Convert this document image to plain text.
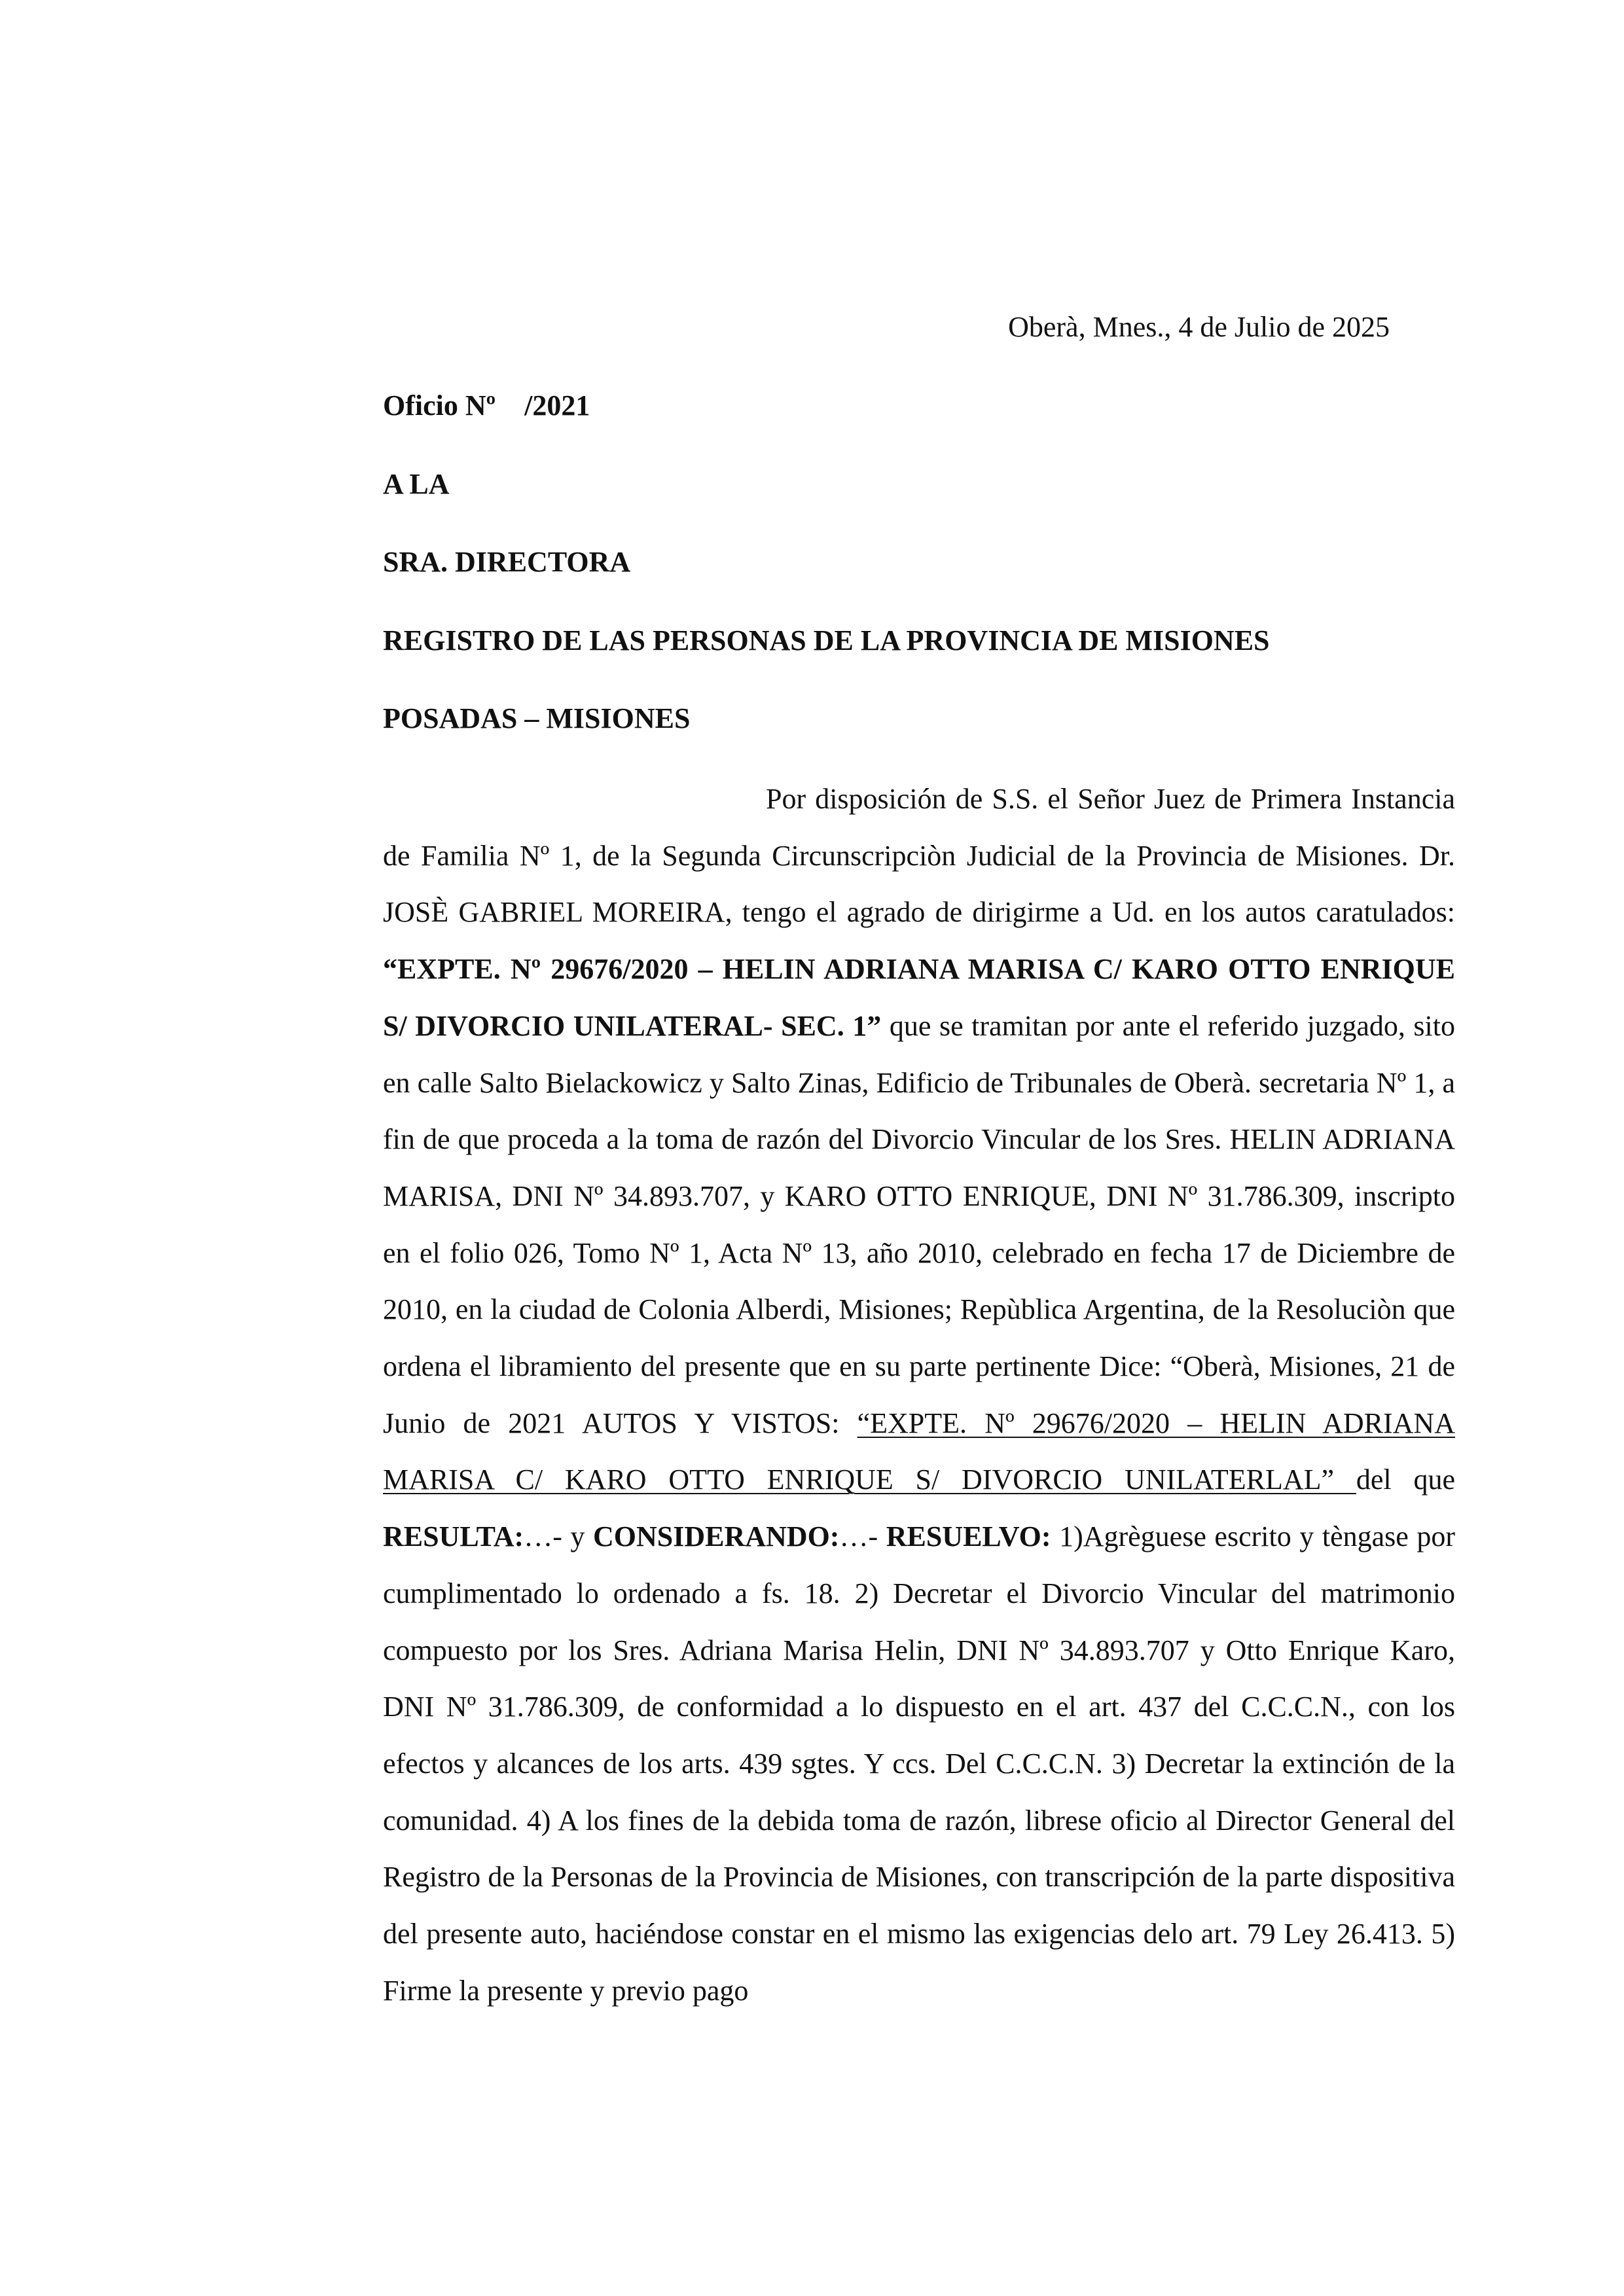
Oberà, Mnes., 4 de Julio de 2025
Oficio Nº    /2021
A LA
SRA. DIRECTORA
REGISTRO DE LAS PERSONAS DE LA PROVINCIA DE MISIONES
POSADAS – MISIONES

Por disposición de S.S. el Señor Juez de Primera Instancia de Familia Nº 1, de la Segunda Circunscripciòn Judicial de la Provincia de Misiones. Dr. JOSÈ GABRIEL MOREIRA, tengo el agrado de dirigirme a Ud. en los autos caratulados: “EXPTE. Nº 29676/2020 – HELIN ADRIANA MARISA C/ KARO OTTO ENRIQUE S/ DIVORCIO UNILATERAL- SEC. 1” que se tramitan por ante el referido juzgado, sito en calle Salto Bielackowicz y Salto Zinas, Edificio de Tribunales de Oberà. secretaria Nº 1, a fin de que proceda a la toma de razón del Divorcio Vincular de los Sres. HELIN ADRIANA MARISA, DNI Nº 34.893.707, y KARO OTTO ENRIQUE, DNI Nº 31.786.309, inscripto en el folio 026, Tomo Nº 1, Acta Nº 13, año 2010, celebrado en fecha 17 de Diciembre de 2010, en la ciudad de Colonia Alberdi, Misiones; Repùblica Argentina, de la Resoluciòn que ordena el libramiento del presente que en su parte pertinente Dice: “Oberà, Misiones, 21 de Junio de 2021 AUTOS Y VISTOS: “EXPTE. Nº 29676/2020 – HELIN ADRIANA MARISA C/ KARO OTTO ENRIQUE S/ DIVORCIO UNILATERLAL” del que RESULTA:…- y CONSIDERANDO:…- RESUELVO: 1)Agrèguese escrito y tèngase por cumplimentado lo ordenado a fs. 18. 2) Decretar el Divorcio Vincular del matrimonio compuesto por los Sres. Adriana Marisa Helin, DNI Nº 34.893.707 y Otto Enrique Karo, DNI Nº 31.786.309, de conformidad a lo dispuesto en el art. 437 del C.C.C.N., con los efectos y alcances de los arts. 439 sgtes. Y ccs. Del C.C.C.N. 3) Decretar la extinción de la comunidad. 4) A los fines de la debida toma de razón, librese oficio al Director General del Registro de la Personas de la Provincia de Misiones, con transcripción de la parte dispositiva del presente auto, haciéndose constar en el mismo las exigencias delo art. 79 Ley 26.413. 5) Firme la presente y previo pago
